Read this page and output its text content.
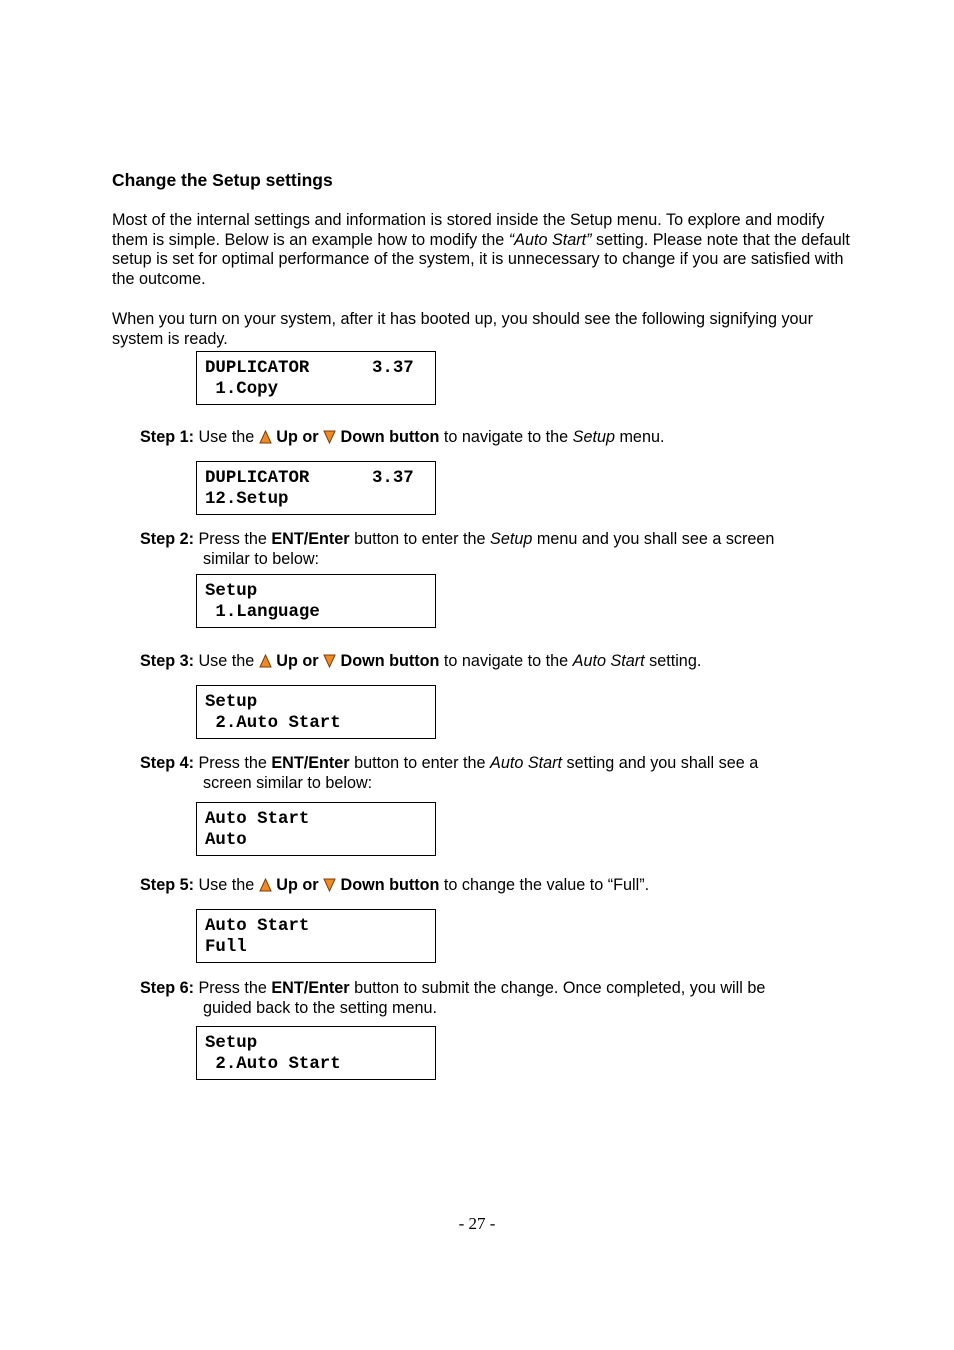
Change the Setup settings
Most of the internal settings and information is stored inside the Setup menu. To explore and modify them is simple. Below is an example how to modify the “Auto Start” setting. Please note that the default setup is set for optimal performance of the system, it is unnecessary to change if you are satisfied with the outcome.
When you turn on your system, after it has booted up, you should see the following signifying your system is ready.
DUPLICATOR      3.37
1.Copy
Step 1: Use the  Up or  Down button to navigate to the Setup menu.
DUPLICATOR      3.37
12.Setup
Step 2: Press the ENT/Enter button to enter the Setup menu and you shall see a screen
similar to below:
Setup
1.Language
Step 3: Use the  Up or  Down button to navigate to the Auto Start setting.
Setup
2.Auto Start
Step 4: Press the ENT/Enter button to enter the Auto Start setting and you shall see a
screen similar to below:
Auto Start
Auto
Step 5: Use the  Up or  Down button to change the value to “Full”.
Auto Start
Full
Step 6: Press the ENT/Enter button to submit the change. Once completed, you will be
guided back to the setting menu.
Setup
2.Auto Start
- 27 -
